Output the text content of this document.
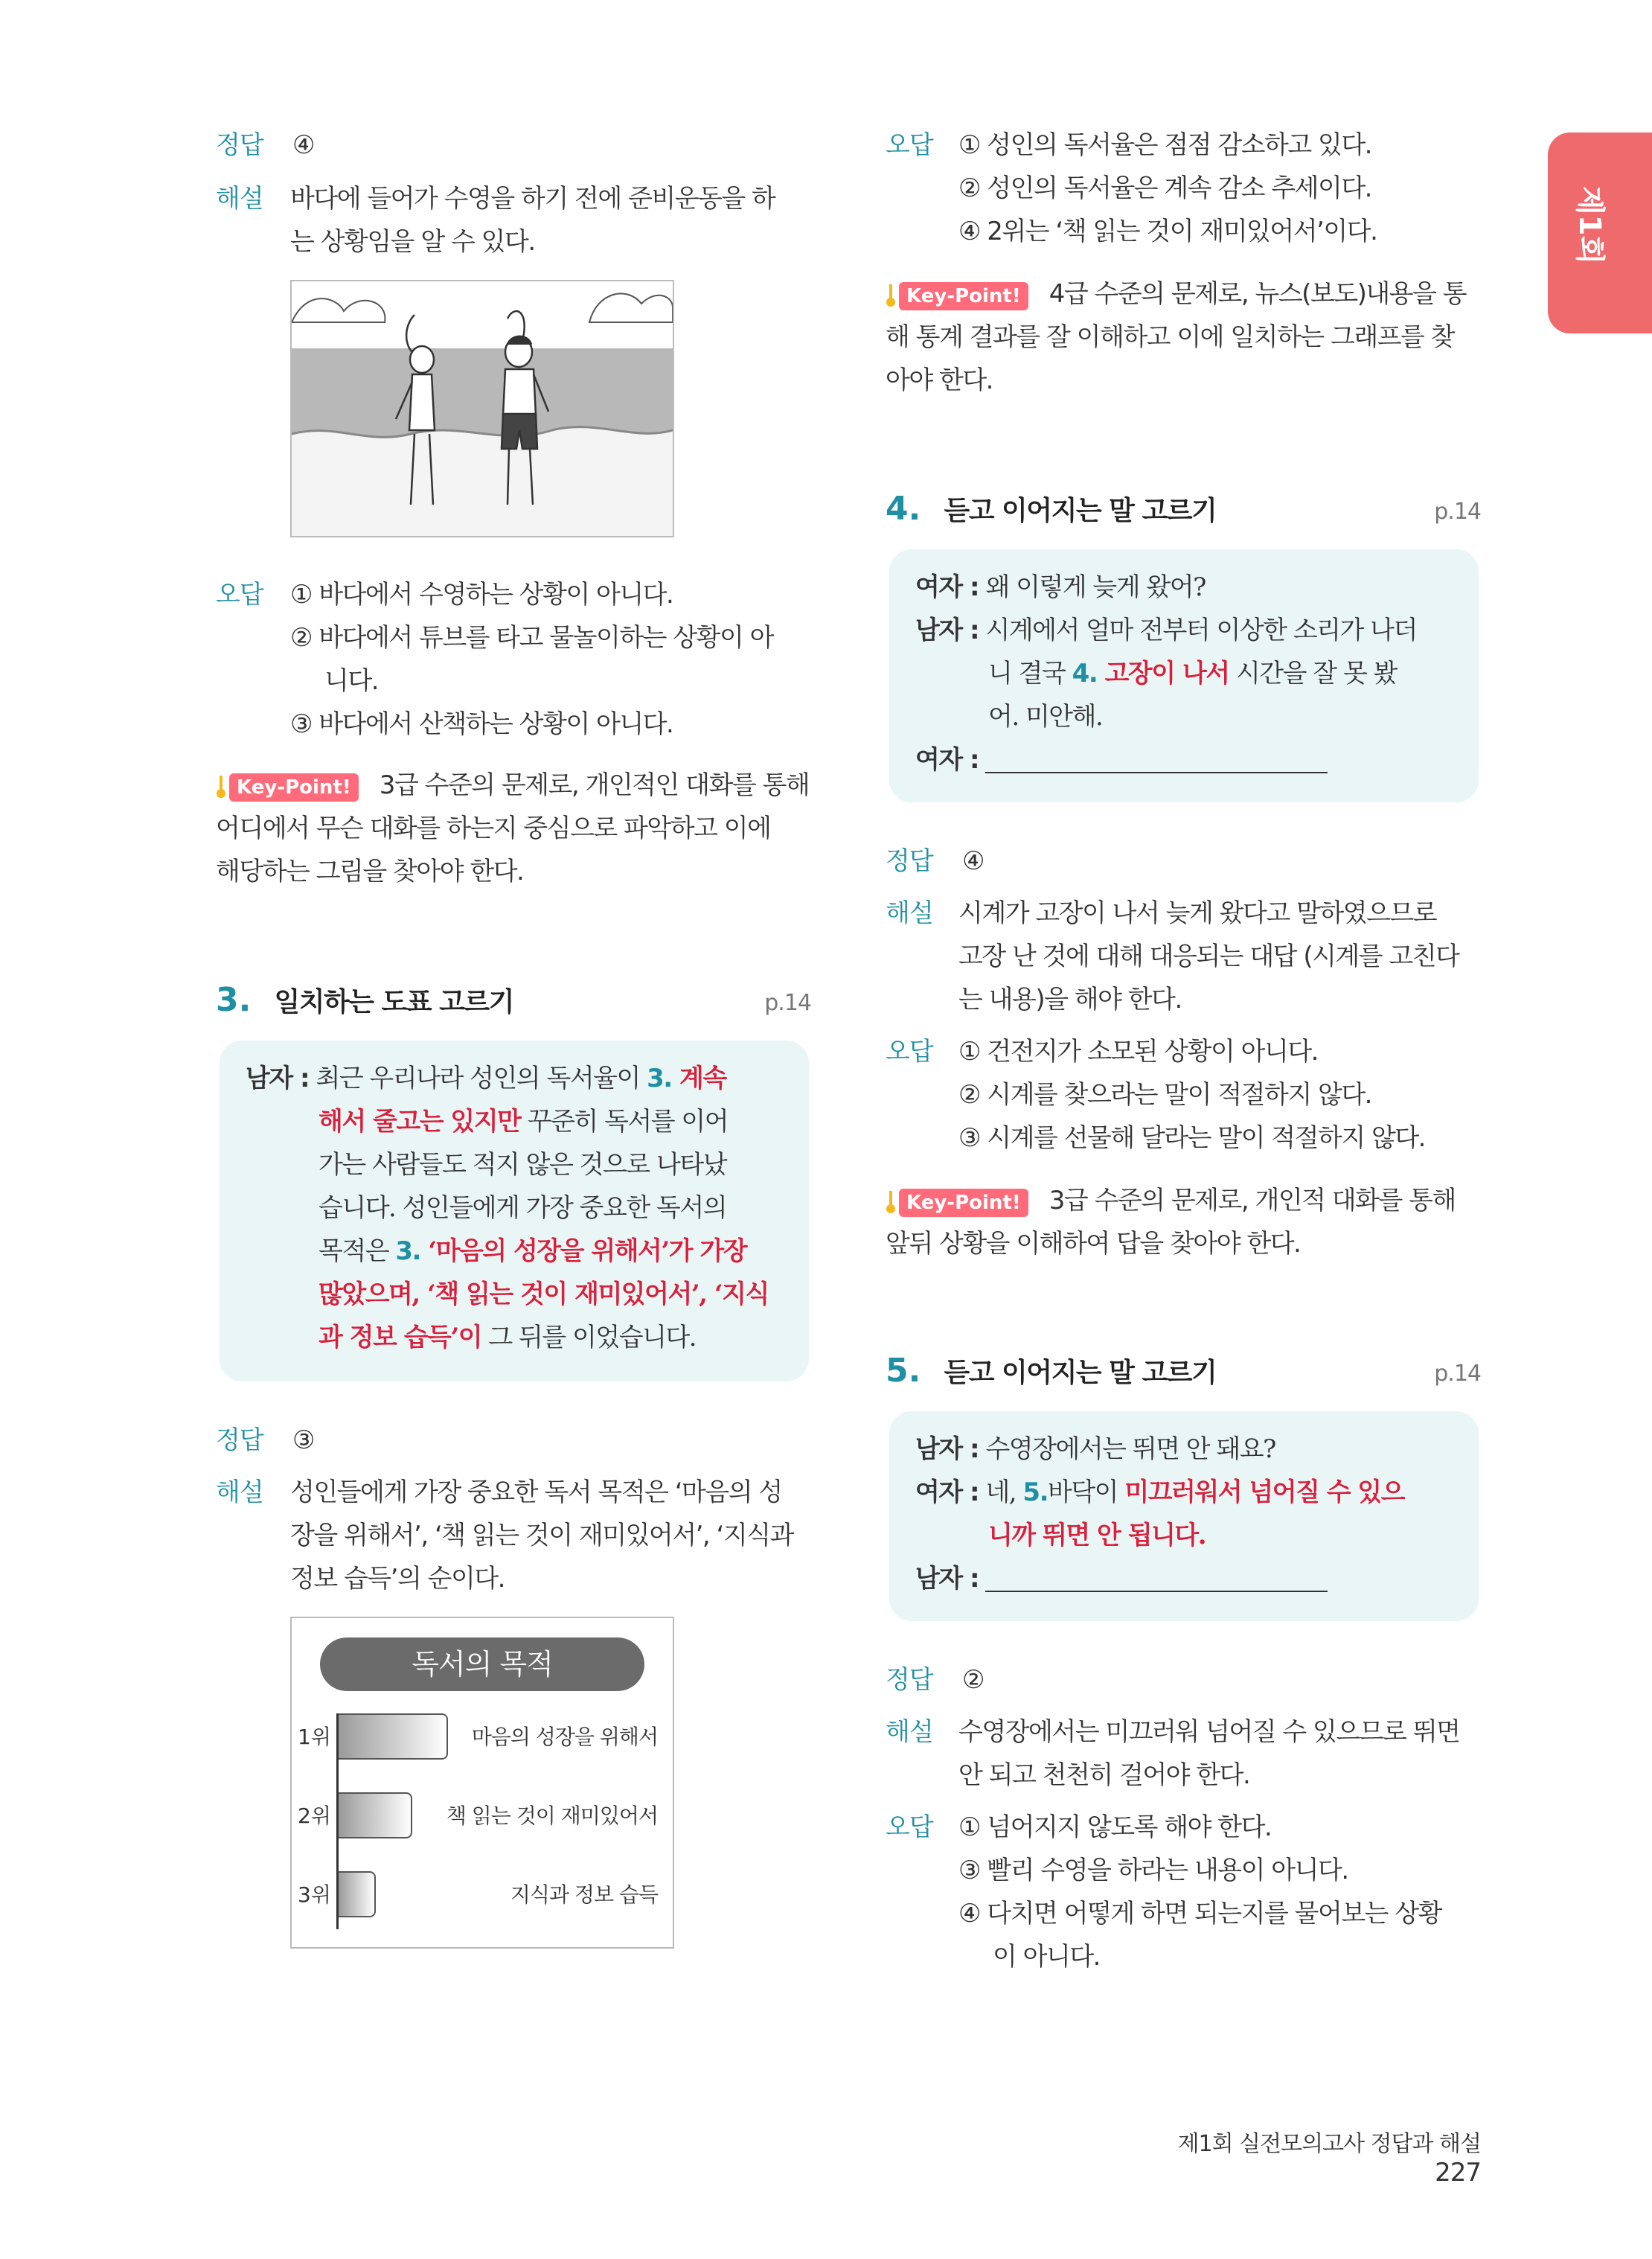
제1회
정답 ④
해설 바다에 들어가 수영을 하기 전에 준비운동을 하
는 상황임을 알 수 있다.
오답 ① 바다에서 수영하는 상황이 아니다.
② 바다에서 튜브를 타고 물놀이하는 상황이 아
니다.
③ 바다에서 산책하는 상황이 아니다.
Key-Point! 3급 수준의 문제로, 개인적인 대화를 통해
어디에서 무슨 대화를 하는지 중심으로 파악하고 이에
해당하는 그림을 찾아야 한다.
3. 일치하는 도표 고르기	p.14
남자 : 최근 우리나라 성인의 독서율이 3. 계속
해서 줄고는 있지만 꾸준히 독서를 이어
가는 사람들도 적지 않은 것으로 나타났
습니다. 성인들에게 가장 중요한 독서의
목적은 3. ‘마음의 성장을 위해서’가 가장
많았으며, ‘책 읽는 것이 재미있어서’, ‘지식
과 정보 습득’이 그 뒤를 이었습니다.
정답 ③
해설 성인들에게 가장 중요한 독서 목적은 ‘마음의 성
장을 위해서’, ‘책 읽는 것이 재미있어서’, ‘지식과
정보 습득’의 순이다.
독서의 목적
1위	마음의 성장을 위해서
2위	책 읽는 것이 재미있어서
3위	지식과 정보 습득
오답 ① 성인의 독서율은 점점 감소하고 있다.
② 성인의 독서율은 계속 감소 추세이다.
④ 2위는 ‘책 읽는 것이 재미있어서’이다.
Key-Point! 4급 수준의 문제로, 뉴스(보도)내용을 통
해 통계 결과를 잘 이해하고 이에 일치하는 그래프를 찾
아야 한다.
4. 듣고 이어지는 말 고르기	p.14
여자 : 왜 이렇게 늦게 왔어?
남자 : 시계에서 얼마 전부터 이상한 소리가 나더
니 결국 4. 고장이 나서 시간을 잘 못 봤
어. 미안해.
여자 :
정답 ④
해설 시계가 고장이 나서 늦게 왔다고 말하였으므로
고장 난 것에 대해 대응되는 대답 (시계를 고친다
는 내용)을 해야 한다.
오답 ① 건전지가 소모된 상황이 아니다.
② 시계를 찾으라는 말이 적절하지 않다.
③ 시계를 선물해 달라는 말이 적절하지 않다.
Key-Point! 3급 수준의 문제로, 개인적 대화를 통해
앞뒤 상황을 이해하여 답을 찾아야 한다.
5. 듣고 이어지는 말 고르기	p.14
남자 : 수영장에서는 뛰면 안 돼요?
여자 : 네, 5.바닥이 미끄러워서 넘어질 수 있으
니까 뛰면 안 됩니다.
남자 :
정답 ②
해설 수영장에서는 미끄러워 넘어질 수 있으므로 뛰면
안 되고 천천히 걸어야 한다.
오답 ① 넘어지지 않도록 해야 한다.
③ 빨리 수영을 하라는 내용이 아니다.
④ 다치면 어떻게 하면 되는지를 물어보는 상황
이 아니다.
제1회 실전모의고사 정답과 해설227
